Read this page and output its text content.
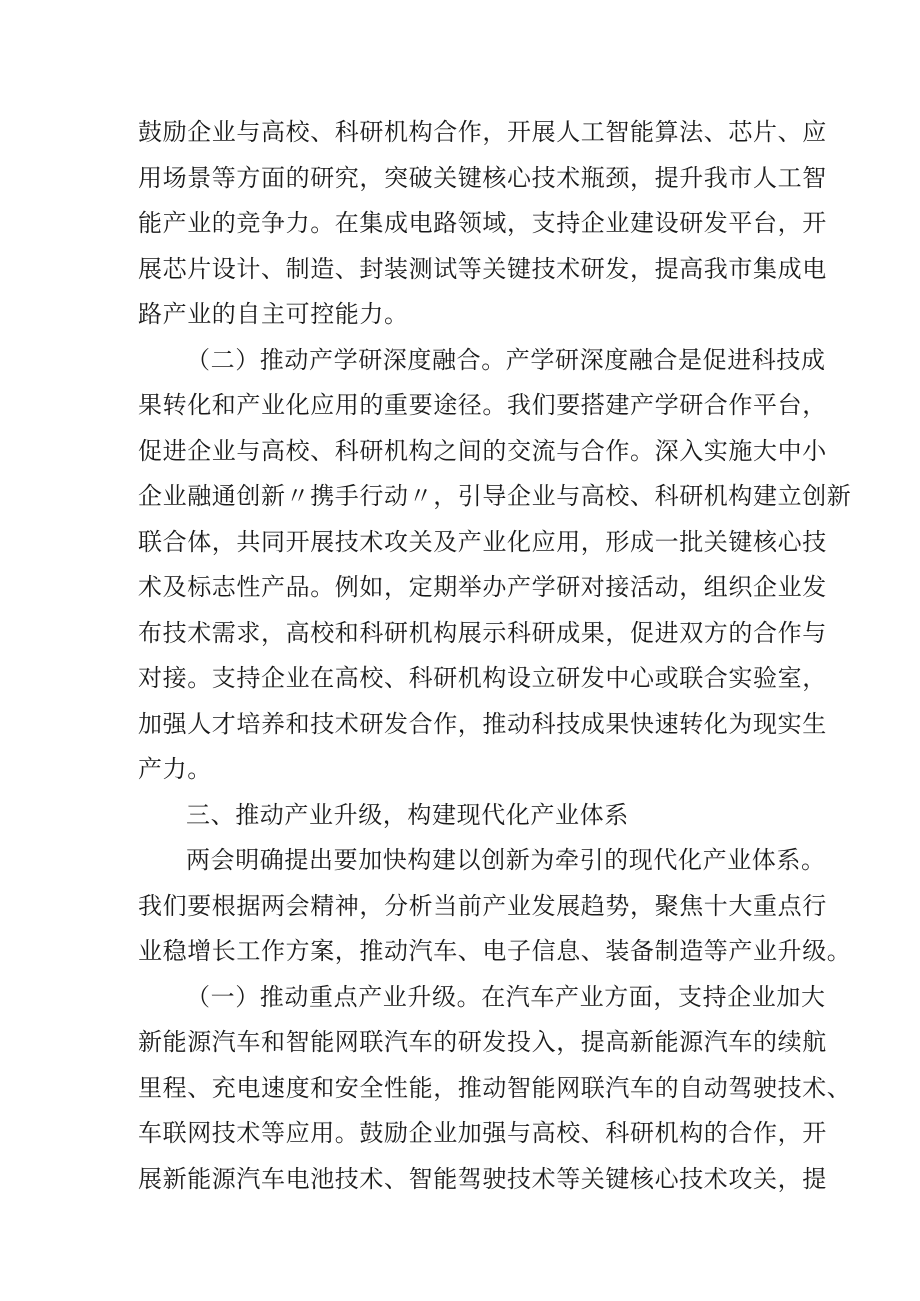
鼓励企业与高校、科研机构合作，开展人工智能算法、芯片、应
用场景等方面的研究，突破关键核心技术瓶颈，提升我市人工智
能产业的竞争力。在集成电路领域，支持企业建设研发平台，开
展芯片设计、制造、封装测试等关键技术研发，提高我市集成电
路产业的自主可控能力。
（二）推动产学研深度融合。产学研深度融合是促进科技成
果转化和产业化应用的重要途径。我们要搭建产学研合作平台，
促进企业与高校、科研机构之间的交流与合作。深入实施大中小
企业融通创新〃携手行动〃，引导企业与高校、科研机构建立创新
联合体，共同开展技术攻关及产业化应用，形成一批关键核心技
术及标志性产品。例如，定期举办产学研对接活动，组织企业发
布技术需求，高校和科研机构展示科研成果，促进双方的合作与
对接。支持企业在高校、科研机构设立研发中心或联合实验室，
加强人才培养和技术研发合作，推动科技成果快速转化为现实生
产力。
三、推动产业升级，构建现代化产业体系
两会明确提出要加快构建以创新为牵引的现代化产业体系。
我们要根据两会精神，分析当前产业发展趋势，聚焦十大重点行
业稳增长工作方案，推动汽车、电子信息、装备制造等产业升级。
（一）推动重点产业升级。在汽车产业方面，支持企业加大
新能源汽车和智能网联汽车的研发投入，提高新能源汽车的续航
里程、充电速度和安全性能，推动智能网联汽车的自动驾驶技术、
车联网技术等应用。鼓励企业加强与高校、科研机构的合作，开
展新能源汽车电池技术、智能驾驶技术等关键核心技术攻关，提
